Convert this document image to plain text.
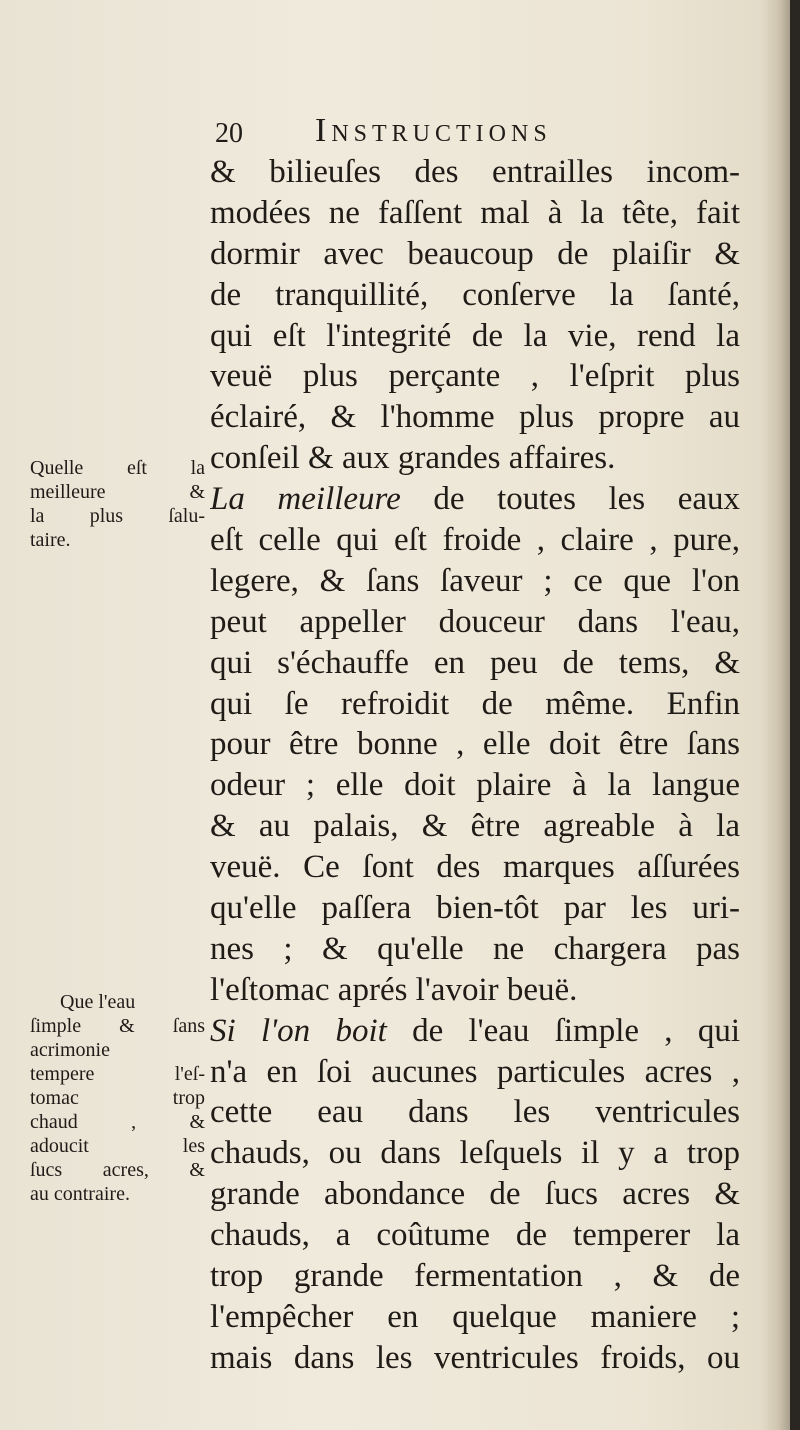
20 Instructions
Quelle eſt la
meilleure &
la plus ſalu-
taire.
Que l'eau
ſimple & ſans
acrimonie
tempere l'eſ-
tomac trop
chaud , &
adoucit les
ſucs acres, &
au contraire.
& bilieuſes des entrailles incom-
modées ne faſſent mal à la tête, fait
dormir avec beaucoup de plaiſir &
de tranquillité, conſerve la ſanté,
qui eſt l'integrité de la vie, rend la
veuë plus perçante , l'eſprit plus
éclairé, & l'homme plus propre au
conſeil & aux grandes affaires.
La meilleure de toutes les eaux
eſt celle qui eſt froide , claire , pure,
legere, & ſans ſaveur ; ce que l'on
peut appeller douceur dans l'eau,
qui s'échauffe en peu de tems, &
qui ſe refroidit de même. Enfin
pour être bonne , elle doit être ſans
odeur ; elle doit plaire à la langue
& au palais, & être agreable à la
veuë. Ce ſont des marques aſſurées
qu'elle paſſera bien-tôt par les uri-
nes ; & qu'elle ne chargera pas
l'eſtomac aprés l'avoir beuë.
Si l'on boit de l'eau ſimple , qui
n'a en ſoi aucunes particules acres ,
cette eau dans les ventricules
chauds, ou dans leſquels il y a trop
grande abondance de ſucs acres &
chauds, a coûtume de temperer la
trop grande fermentation , & de
l'empêcher en quelque maniere ;
mais dans les ventricules froids, ou
